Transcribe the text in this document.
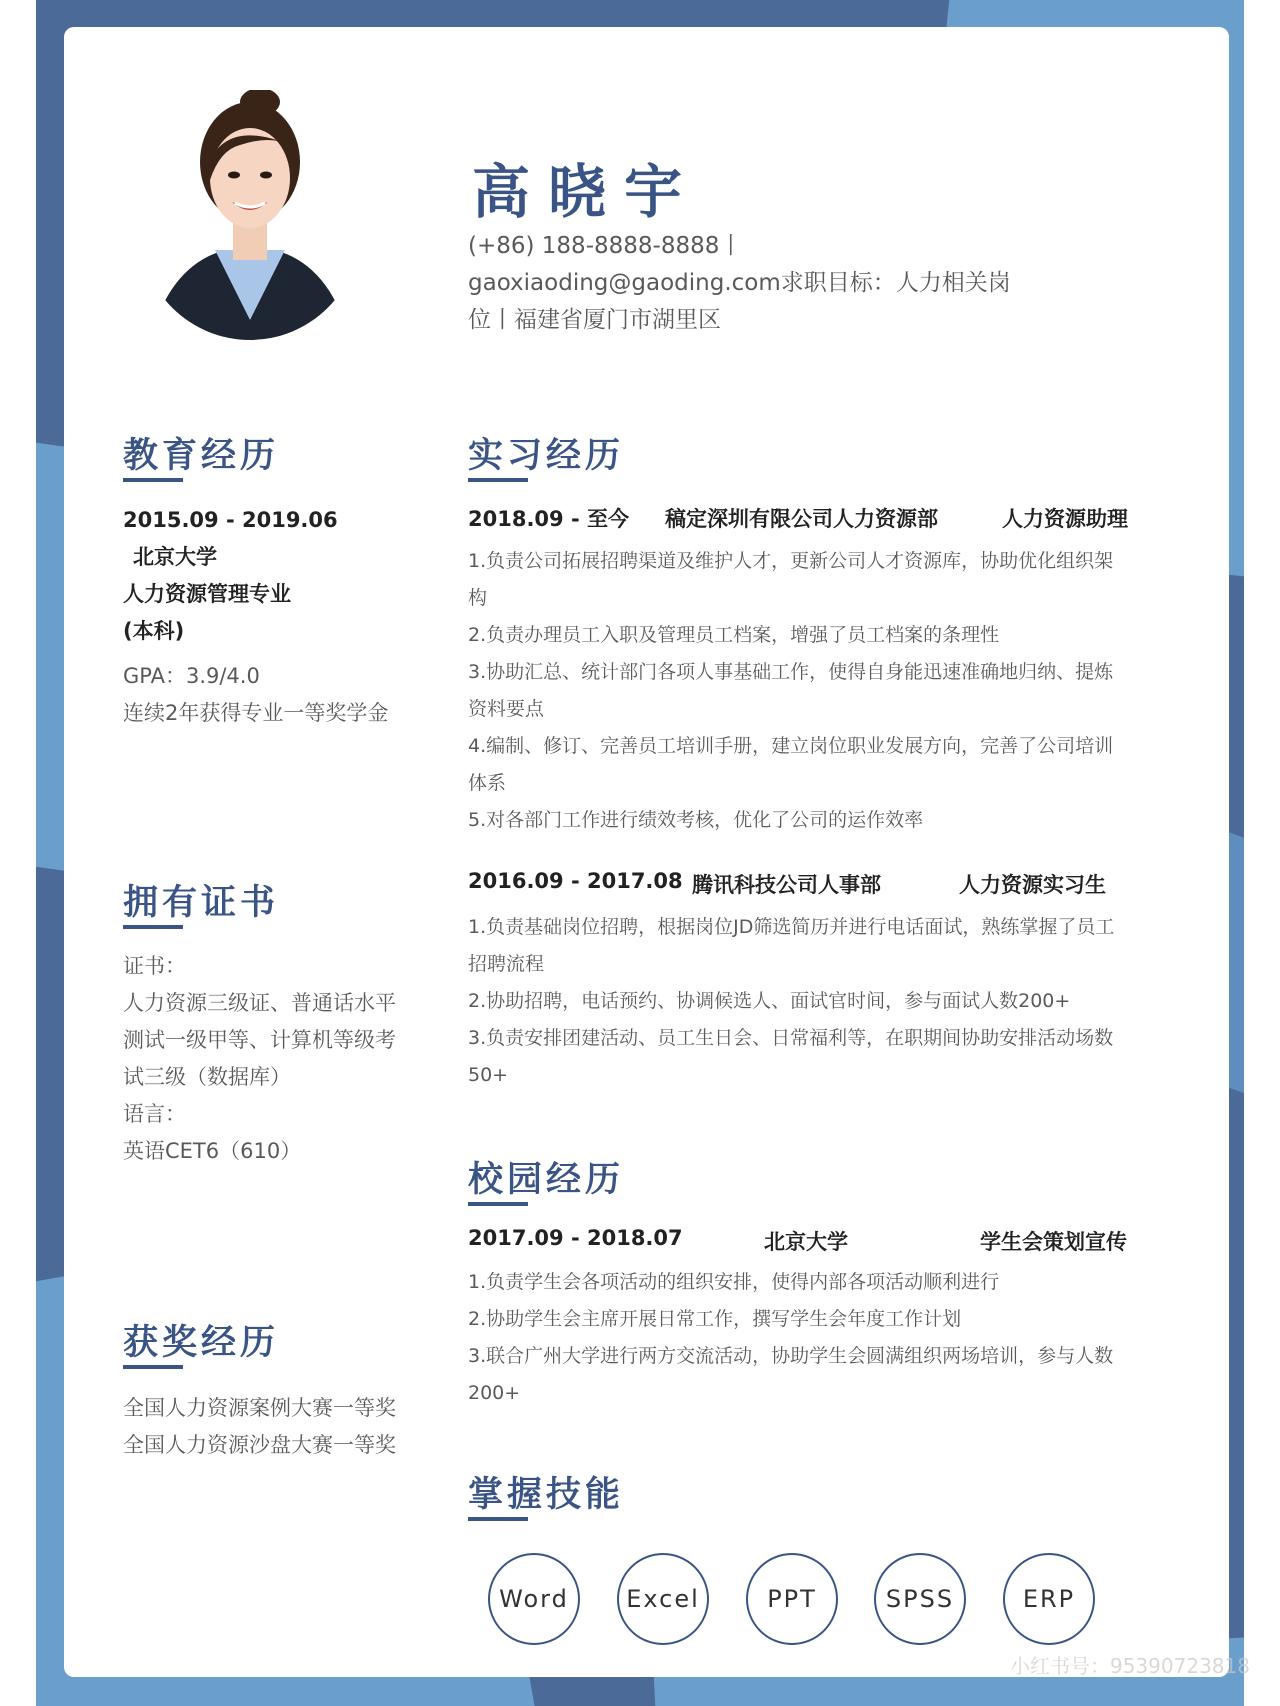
高晓宇
(+86) 188-8888-8888丨
gaoxiaoding@gaoding.com求职目标：人力相关岗
位丨福建省厦门市湖里区
教育经历
2015.09 - 2019.06
北京大学
人力资源管理专业
(本科)
GPA：3.9/4.0
连续2年获得专业一等奖学金
拥有证书
证书：
人力资源三级证、普通话水平
测试一级甲等、计算机等级考
试三级（数据库）
语言：
英语CET6（610）
获奖经历
全国人力资源案例大赛一等奖
全国人力资源沙盘大赛一等奖
实习经历
2018.09 - 至今 稿定深圳有限公司人力资源部	人力资源助理
1.负责公司拓展招聘渠道及维护人才，更新公司人才资源库，协助优化组织架
构
2.负责办理员工入职及管理员工档案，增强了员工档案的条理性
3.协助汇总、统计部门各项人事基础工作，使得自身能迅速准确地归纳、提炼
资料要点
4.编制、修订、完善员工培训手册，建立岗位职业发展方向，完善了公司培训
体系
5.对各部门工作进行绩效考核，优化了公司的运作效率
2016.09 - 2017.08 腾讯科技公司人事部	人力资源实习生
1.负责基础岗位招聘，根据岗位JD筛选简历并进行电话面试，熟练掌握了员工
招聘流程
2.协助招聘，电话预约、协调候选人、面试官时间，参与面试人数200+
3.负责安排团建活动、员工生日会、日常福利等，在职期间协助安排活动场数
50+
校园经历
2017.09 - 2018.07	北京大学	学生会策划宣传
1.负责学生会各项活动的组织安排，使得内部各项活动顺利进行
2.协助学生会主席开展日常工作，撰写学生会年度工作计划
3.联合广州大学进行两方交流活动，协助学生会圆满组织两场培训，参与人数
200+
掌握技能
Word	Excel	PPT	SPSS	ERP
小红书号：95390723818
